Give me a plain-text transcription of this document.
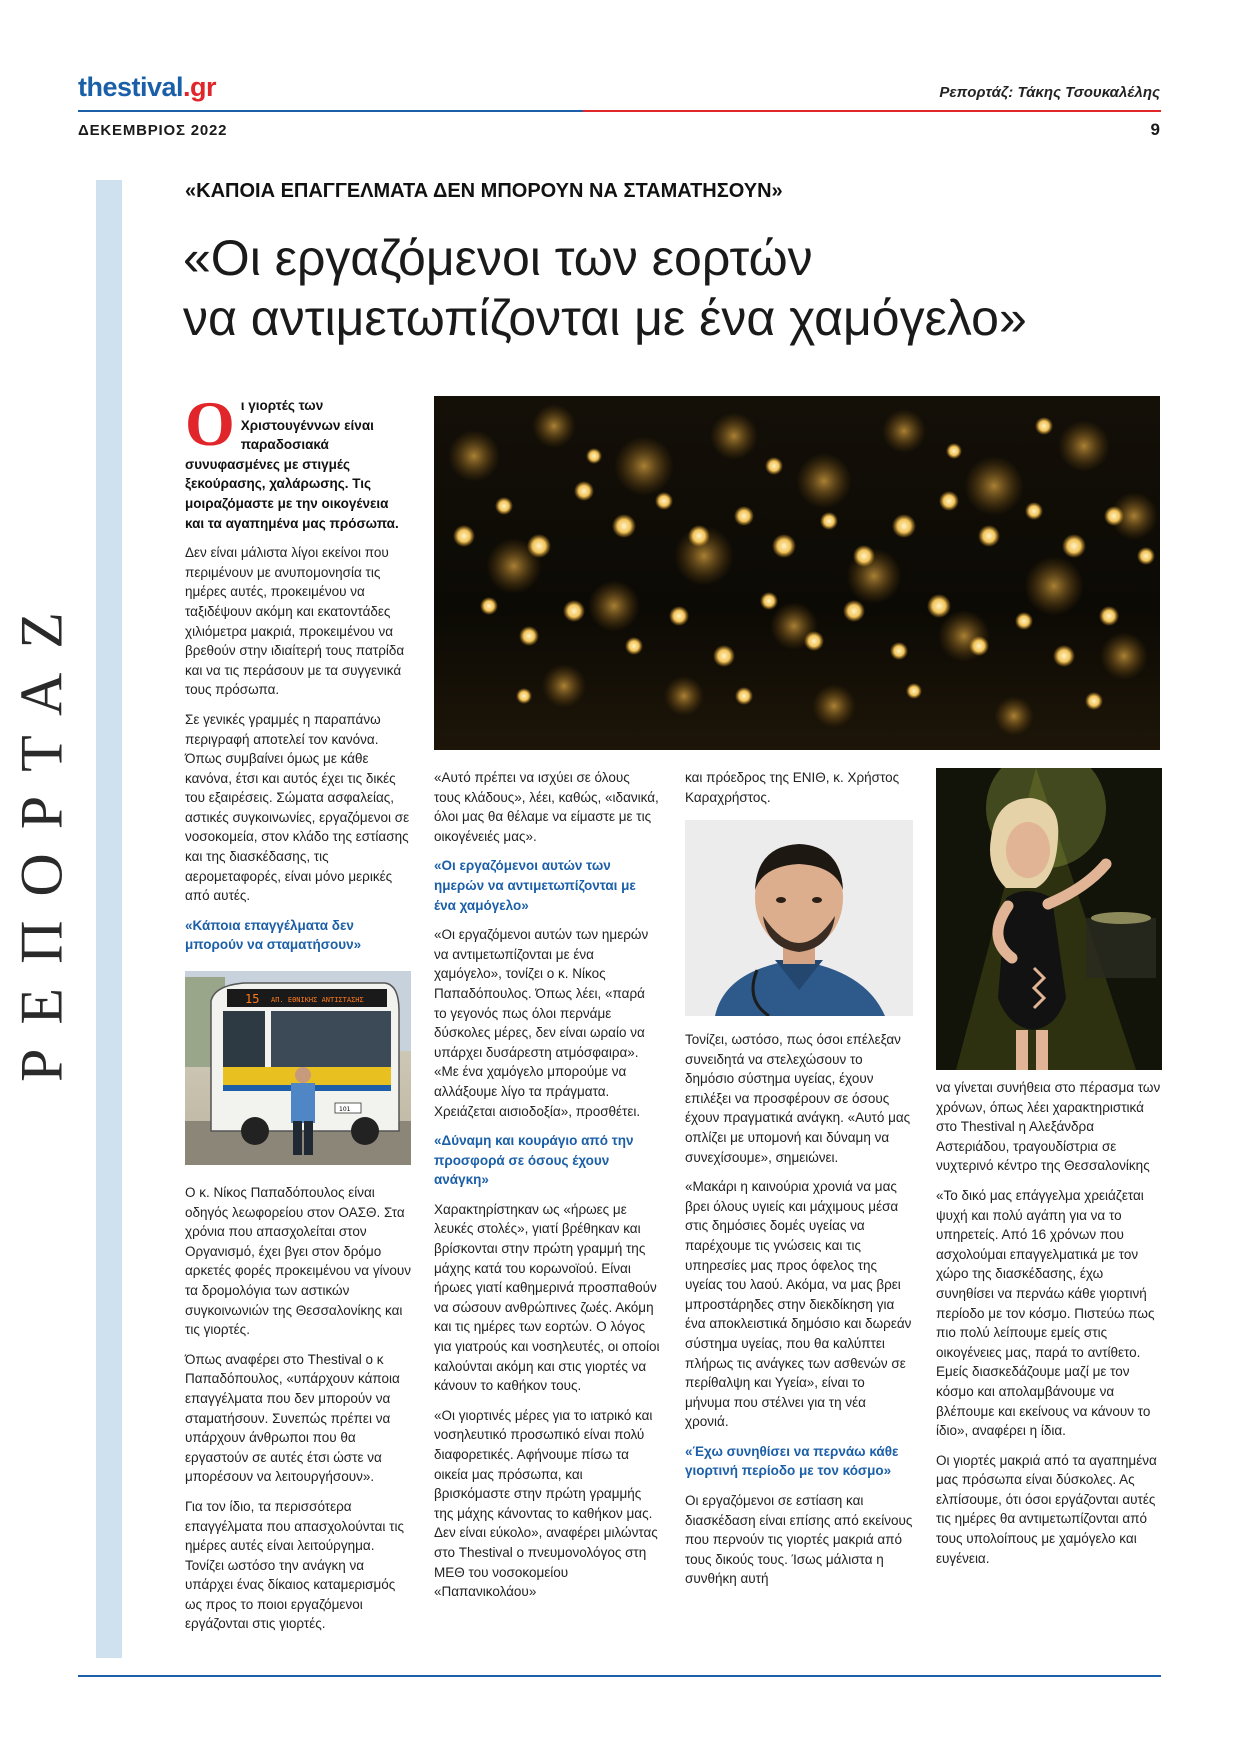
thestival.gr	Ρεπορτάζ: Τάκης Τσουκαλέλης
ΔΕΚΕΜΒΡΙΟΣ 2022	9
ΡΕΠΟΡΤΑΖ
«ΚΑΠΟΙΑ ΕΠΑΓΓΕΛΜΑΤΑ ΔΕΝ ΜΠΟΡΟΥΝ ΝΑ ΣΤΑΜΑΤΗΣΟΥΝ»
«Οι εργαζόμενοι των εορτών
να αντιμετωπίζονται με ένα χαμόγελο»

Οι γιορτές των Χριστουγέννων είναι παραδοσιακά συνυφασμένες με στιγμές ξεκούρασης, χαλάρωσης. Τις μοιραζόμαστε με την οικογένεια και τα αγαπημένα μας πρόσωπα.

Δεν είναι μάλιστα λίγοι εκείνοι που περιμένουν με ανυπομονησία τις ημέρες αυτές, προκειμένου να ταξιδέψουν ακόμη και εκατοντάδες χιλιόμετρα μακριά, προκειμένου να βρεθούν στην ιδιαίτερή τους πατρίδα και να τις περάσουν με τα συγγενικά τους πρόσωπα.

Σε γενικές γραμμές η παραπάνω περιγραφή αποτελεί τον κανόνα. Όπως συμβαίνει όμως με κάθε κανόνα, έτσι και αυτός έχει τις δικές του εξαιρέσεις. Σώματα ασφαλείας, αστικές συγκοινωνίες, εργαζόμενοι σε νοσοκομεία, στον κλάδο της εστίασης και της διασκέδασης, τις αερομεταφορές, είναι μόνο μερικές από αυτές.

«Κάποια επαγγέλματα δεν μπορούν να σταματήσουν»

15 ΑΠ. ΕΘΝΙΚΗΣ ΑΝΤΙΣΤΑΣΗΣ
101

Ο κ. Νίκος Παπαδόπουλος είναι οδηγός λεωφορείου στον ΟΑΣΘ. Στα χρόνια που απασχολείται στον Οργανισμό, έχει βγει στον δρόμο αρκετές φορές προκειμένου να γίνουν τα δρομολόγια των αστικών συγκοινωνιών της Θεσσαλονίκης και τις γιορτές.

Όπως αναφέρει στο Thestival ο κ Παπαδόπουλος, «υπάρχουν κάποια επαγγέλματα που δεν μπορούν να σταματήσουν. Συνεπώς πρέπει να υπάρχουν άνθρωποι που θα εργαστούν σε αυτές έτσι ώστε να μπορέσουν να λειτουργήσουν».

Για τον ίδιο, τα περισσότερα επαγγέλματα που απασχολούνται τις ημέρες αυτές είναι λειτούργημα. Τονίζει ωστόσο την ανάγκη να υπάρχει ένας δίκαιος καταμερισμός ως προς το ποιοι εργαζόμενοι εργάζονται στις γιορτές.

«Αυτό πρέπει να ισχύει σε όλους τους κλάδους», λέει, καθώς, «ιδανικά, όλοι μας θα θέλαμε να είμαστε με τις οικογένειές μας».

«Οι εργαζόμενοι αυτών των ημερών να αντιμετωπίζονται με ένα χαμόγελο»

«Οι εργαζόμενοι αυτών των ημερών να αντιμετωπίζονται με ένα χαμόγελο», τονίζει ο κ. Νίκος Παπαδόπουλος. Όπως λέει, «παρά το γεγονός πως όλοι περνάμε δύσκολες μέρες, δεν είναι ωραίο να υπάρχει δυσάρεστη ατμόσφαιρα». «Με ένα χαμόγελο μπορούμε να αλλάξουμε λίγο τα πράγματα. Χρειάζεται αισιοδοξία», προσθέτει.

«Δύναμη και κουράγιο από την προσφορά σε όσους έχουν ανάγκη»

Χαρακτηρίστηκαν ως «ήρωες με λευκές στολές», γιατί βρέθηκαν και βρίσκονται στην πρώτη γραμμή της μάχης κατά του κορωνοϊού. Είναι ήρωες γιατί καθημερινά προσπαθούν να σώσουν ανθρώπινες ζωές. Ακόμη και τις ημέρες των εορτών. Ο λόγος για γιατρούς και νοσηλευτές, οι οποίοι καλούνται ακόμη και στις γιορτές να κάνουν το καθήκον τους.

«Οι γιορτινές μέρες για το ιατρικό και νοσηλευτικό προσωπικό είναι πολύ διαφορετικές. Αφήνουμε πίσω τα οικεία μας πρόσωπα, και βρισκόμαστε στην πρώτη γραμμής της μάχης κάνοντας το καθήκον μας. Δεν είναι εύκολο», αναφέρει μιλώντας στο Thestival ο πνευμονολόγος στη ΜΕΘ του νοσοκομείου «Παπανικολάου»

και πρόεδρος της ΕΝΙΘ, κ. Χρήστος Καραχρήστος.

Τονίζει, ωστόσο, πως όσοι επέλεξαν συνειδητά να στελεχώσουν το δημόσιο σύστημα υγείας, έχουν επιλέξει να προσφέρουν σε όσους έχουν πραγματικά ανάγκη. «Αυτό μας οπλίζει με υπομονή και δύναμη να συνεχίσουμε», σημειώνει.

«Μακάρι η καινούρια χρονιά να μας βρει όλους υγιείς και μάχιμους μέσα στις δημόσιες δομές υγείας να παρέχουμε τις γνώσεις και τις υπηρεσίες μας προς όφελος της υγείας του λαού. Ακόμα, να μας βρει μπροστάρηδες στην διεκδίκηση για ένα αποκλειστικά δημόσιο και δωρεάν σύστημα υγείας, που θα καλύπτει πλήρως τις ανάγκες των ασθενών σε περίθαλψη και Υγεία», είναι το μήνυμα που στέλνει για τη νέα χρονιά.

«Έχω συνηθίσει να περνάω κάθε γιορτινή περίοδο με τον κόσμο»

Οι εργαζόμενοι σε εστίαση και διασκέδαση είναι επίσης από εκείνους που περνούν τις γιορτές μακριά από τους δικούς τους. Ίσως μάλιστα η συνθήκη αυτή

να γίνεται συνήθεια στο πέρασμα των χρόνων, όπως λέει χαρακτηριστικά στο Thestival η Αλεξάνδρα Αστεριάδου, τραγουδίστρια σε νυχτερινό κέντρο της Θεσσαλονίκης

«Το δικό μας επάγγελμα χρειάζεται ψυχή και πολύ αγάπη για να το υπηρετείς. Από 16 χρόνων που ασχολούμαι επαγγελματικά με τον χώρο της διασκέδασης, έχω συνηθίσει να περνάω κάθε γιορτινή περίοδο με τον κόσμο. Πιστεύω πως πιο πολύ λείπουμε εμείς στις οικογένειες μας, παρά το αντίθετο. Εμείς διασκεδάζουμε μαζί με τον κόσμο και απολαμβάνουμε να βλέπουμε και εκείνους να κάνουν το ίδιο», αναφέρει η ίδια.

Οι γιορτές μακριά από τα αγαπημένα μας πρόσωπα είναι δύσκολες. Ας ελπίσουμε, ότι όσοι εργάζονται αυτές τις ημέρες θα αντιμετωπίζονται από τους υπολοίπους με χαμόγελο και ευγένεια.
